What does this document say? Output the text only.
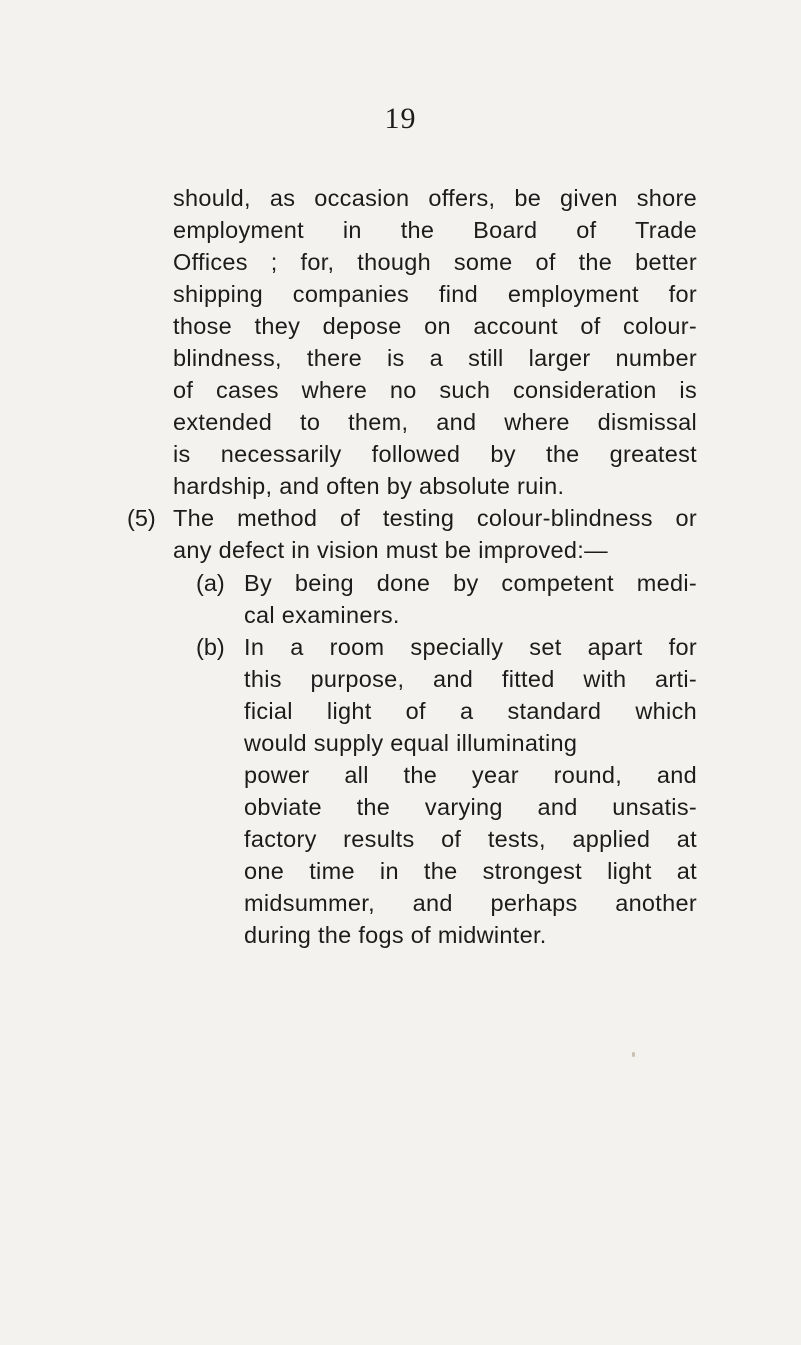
19
should, as occasion offers, be given shore
employment in the Board of Trade
Offices ; for, though some of the better
shipping companies find employment for
those they depose on account of colour-
blindness, there is a still larger number
of cases where no such consideration is
extended to them, and where dismissal
is necessarily followed by the greatest
hardship, and often by absolute ruin.
(5) The method of testing colour-blindness or
any defect in vision must be improved:—
(a) By being done by competent medi-
cal examiners.
(b) In a room specially set apart for
this purpose, and fitted with arti-
ficial light of a standard which
would supply equal illuminating
power all the year round, and
obviate the varying and unsatis-
factory results of tests, applied at
one time in the strongest light at
midsummer, and perhaps another
during the fogs of midwinter.
